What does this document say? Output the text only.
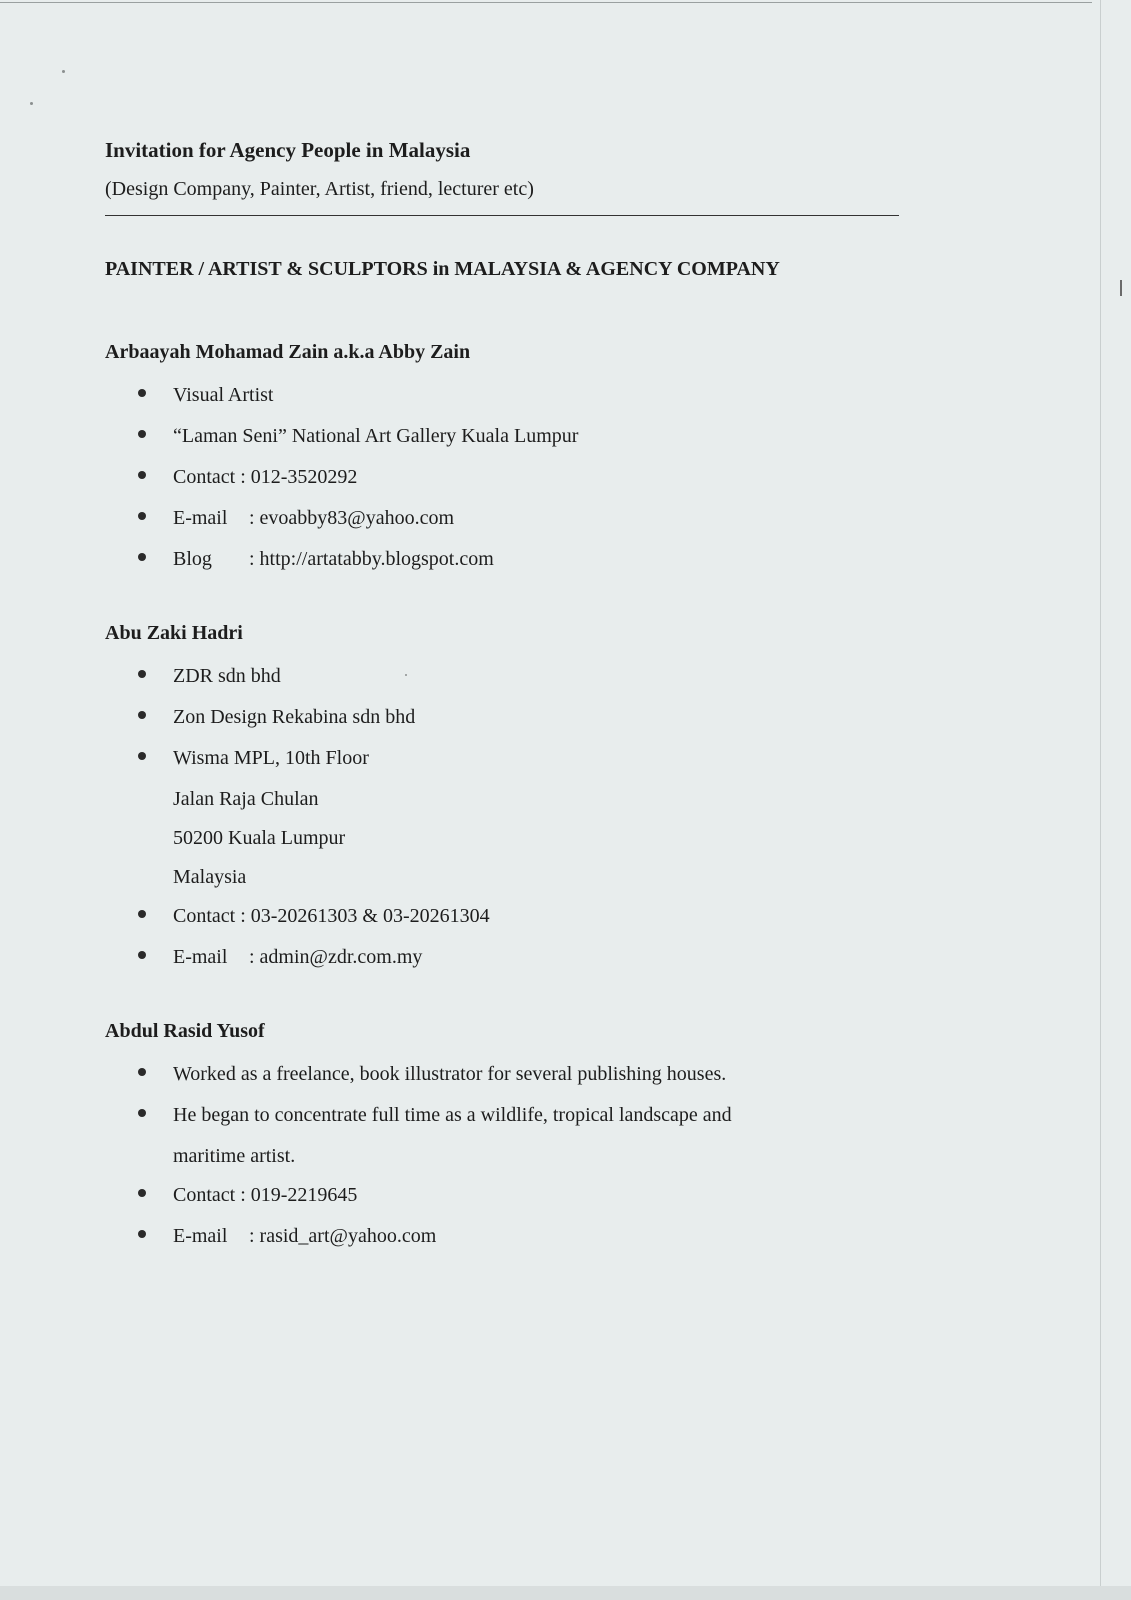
Invitation for Agency People in Malaysia

(Design Company, Painter, Artist, friend, lecturer etc)

PAINTER / ARTIST & SCULPTORS in MALAYSIA & AGENCY COMPANY
Arbaayah Mohamad Zain a.k.a Abby Zain
Visual Artist
“Laman Seni” National Art Gallery Kuala Lumpur
Contact : 012-3520292
E-mail : evoabby83@yahoo.com
Blog : http://artatabby.blogspot.com
Abu Zaki Hadri
ZDR sdn bhd
Zon Design Rekabina sdn bhd
Wisma MPL, 10th Floor
Jalan Raja Chulan
50200 Kuala Lumpur
Malaysia
Contact : 03-20261303 & 03-20261304
E-mail : admin@zdr.com.my
Abdul Rasid Yusof
Worked as a freelance, book illustrator for several publishing houses.
He began to concentrate full time as a wildlife, tropical landscape and
maritime artist.
Contact : 019-2219645
E-mail : rasid_art@yahoo.com
